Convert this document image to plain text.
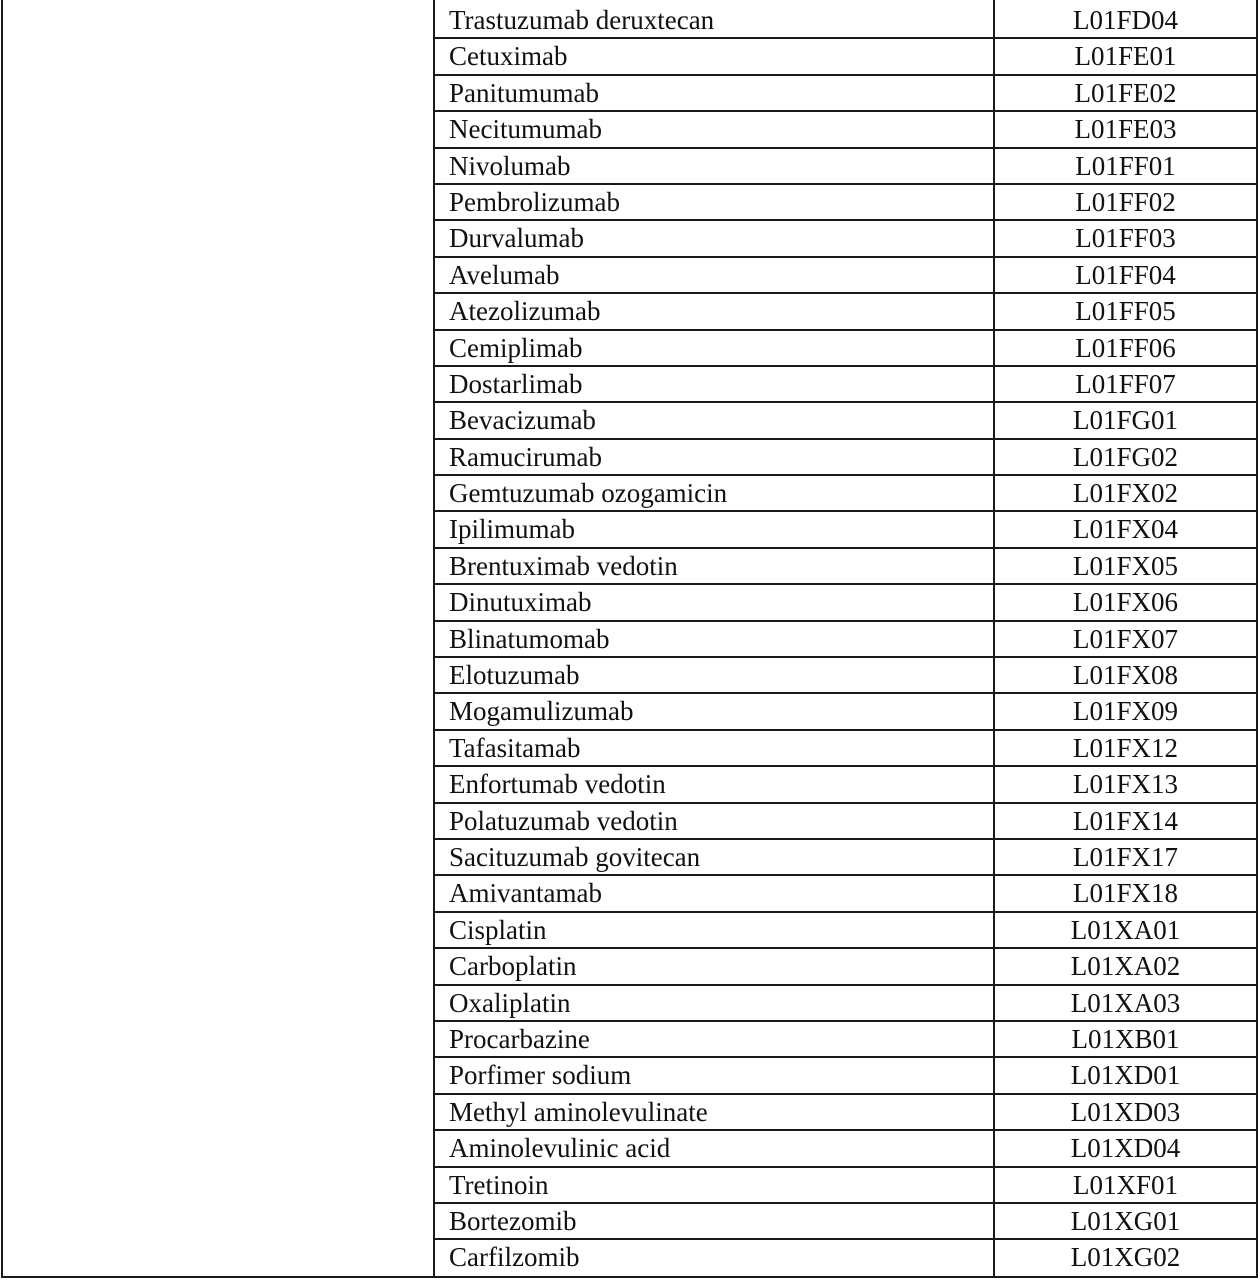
Trastuzumab deruxtecan	L01FD04
Cetuximab	L01FE01
Panitumumab	L01FE02
Necitumumab	L01FE03
Nivolumab	L01FF01
Pembrolizumab	L01FF02
Durvalumab	L01FF03
Avelumab	L01FF04
Atezolizumab	L01FF05
Cemiplimab	L01FF06
Dostarlimab	L01FF07
Bevacizumab	L01FG01
Ramucirumab	L01FG02
Gemtuzumab ozogamicin	L01FX02
Ipilimumab	L01FX04
Brentuximab vedotin	L01FX05
Dinutuximab	L01FX06
Blinatumomab	L01FX07
Elotuzumab	L01FX08
Mogamulizumab	L01FX09
Tafasitamab	L01FX12
Enfortumab vedotin	L01FX13
Polatuzumab vedotin	L01FX14
Sacituzumab govitecan	L01FX17
Amivantamab	L01FX18
Cisplatin	L01XA01
Carboplatin	L01XA02
Oxaliplatin	L01XA03
Procarbazine	L01XB01
Porfimer sodium	L01XD01
Methyl aminolevulinate	L01XD03
Aminolevulinic acid	L01XD04
Tretinoin	L01XF01
Bortezomib	L01XG01
Carfilzomib	L01XG02
